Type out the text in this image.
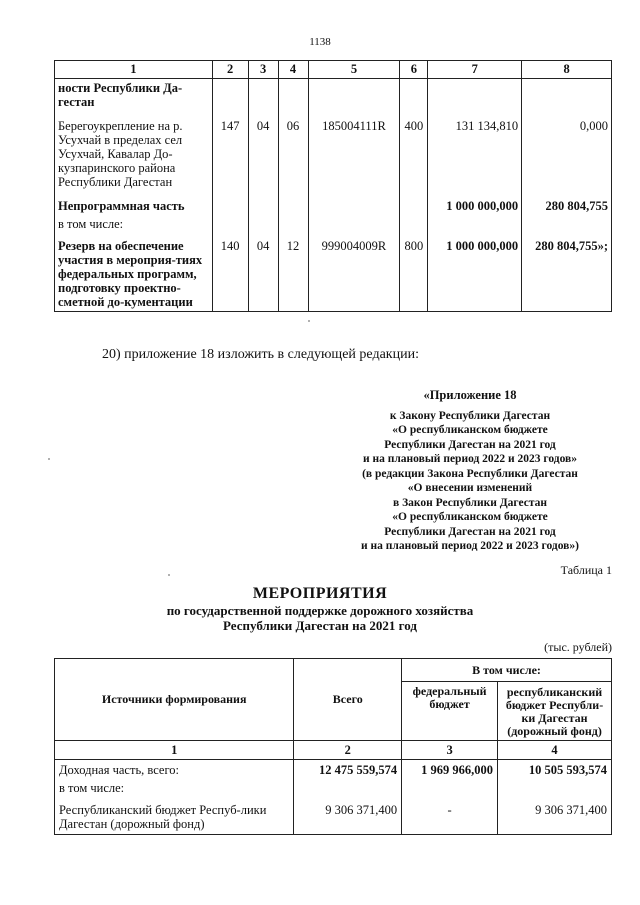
1138
1	2	3	4	5	6	7	8
ности Республики Да-гестан							
Берегоукрепление на р. Усухчай в пределах сел Усухчай, Кавалар До-кузпаринского района Республики Дагестан	147	04	06	185004111R	400	131 134,810	0,000
Непрограммная часть						1 000 000,000	280 804,755
в том числе:							
Резерв на обеспечение участия в мероприя-тиях федеральных программ, подготовку проектно-сметной до-кументации	140	04	12	999004009R	800	1 000 000,000	280 804,755»;
20) приложение 18 изложить в следующей редакции:
«Приложение 18
к Закону Республики Дагестан
«О республиканском бюджете
Республики Дагестан на 2021 год
и на плановый период 2022 и 2023 годов»
(в редакции Закона Республики Дагестан
«О внесении изменений
в Закон Республики Дагестан
«О республиканском бюджете
Республики Дагестан на 2021 год
и на плановый период 2022 и 2023 годов»)
Таблица 1
МЕРОПРИЯТИЯ
по государственной поддержке дорожного хозяйства
Республики Дагестан на 2021 год
(тыс. рублей)
Источники формирования	Всего	В том числе:	
		федеральный бюджет	республиканский бюджет Республи-ки Дагестан (дорожный фонд)
1	2	3	4
Доходная часть, всего:	12 475 559,574	1 969 966,000	10 505 593,574
в том числе:			
Республиканский бюджет Респуб-лики Дагестан (дорожный фонд)	9 306 371,400	-	9 306 371,400
